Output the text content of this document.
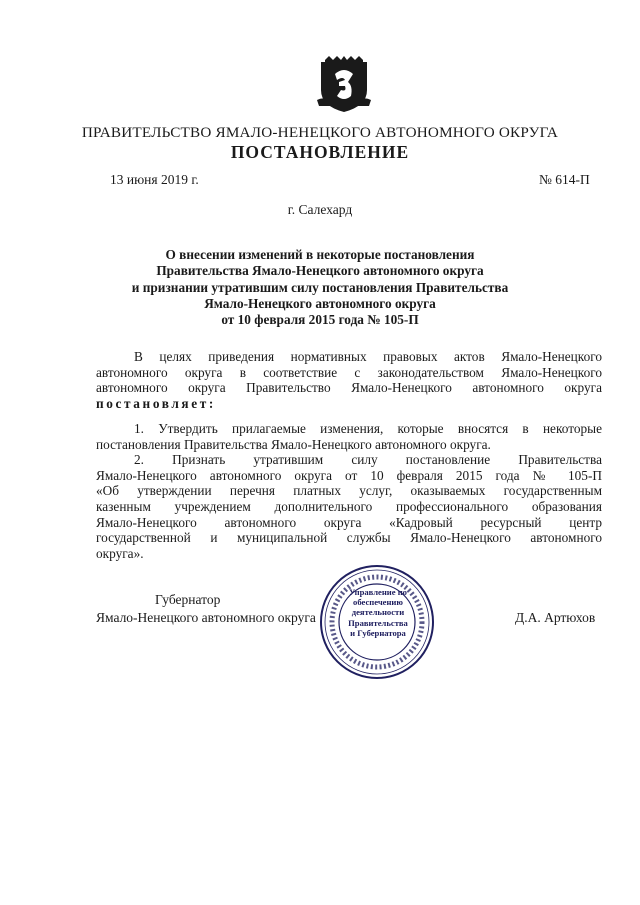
ПРАВИТЕЛЬСТВО ЯМАЛО-НЕНЕЦКОГО АВТОНОМНОГО ОКРУГА
ПОСТАНОВЛЕНИЕ
13 июня 2019 г.	№ 614-П
г. Салехард
О внесении изменений в некоторые постановления
Правительства Ямало-Ненецкого автономного округа
и признании утратившим силу постановления Правительства
Ямало-Ненецкого автономного округа
от 10 февраля 2015 года № 105-П
В целях приведения нормативных правовых актов Ямало-Ненецкого
автономного округа в соответствие с законодательством Ямало-Ненецкого
автономного округа Правительство Ямало-Ненецкого автономного округа
постановляет:
1. Утвердить прилагаемые изменения, которые вносятся в некоторые
постановления Правительства Ямало-Ненецкого автономного округа.
2. Признать утратившим силу постановление Правительства
Ямало-Ненецкого автономного округа от 10 февраля 2015 года № 105-П
«Об утверждении перечня платных услуг, оказываемых государственным
казенным учреждением дополнительного профессионального образования
Ямало-Ненецкого автономного округа «Кадровый ресурсный центр
государственной и муниципальной службы Ямало-Ненецкого автономного
округа».
Управление по
обеспечению
деятельности
Правительства
и Губернатора
Губернатор
Ямало-Ненецкого автономного округа	Д.А. Артюхов
